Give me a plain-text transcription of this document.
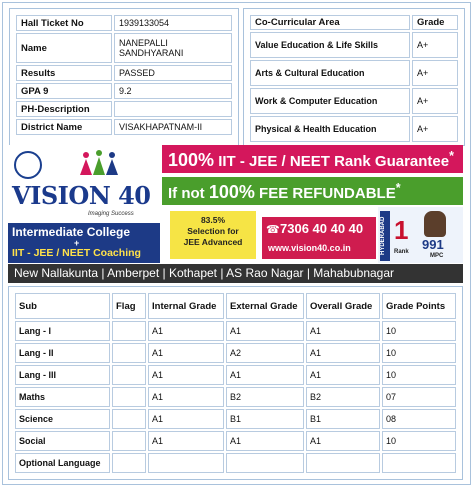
Hall Ticket No	1939133054
Name	NANEPALLI SANDHYARANI
Results	PASSED
GPA 9	9.2
PH-Description	
District Name	VISAKHAPATNAM-II
Co-Curricular Area	Grade
Value Education & Life Skills	A+
Arts & Cultural Education	A+
Work & Computer Education	A+
Physical & Health Education	A+
VISION 40
Imaging Success
Intermediate College
+
IIT - JEE / NEET Coaching
100% IIT - JEE / NEET Rank Guarantee*
If not 100% FEE REFUNDABLE*
83.5%
Selection for
JEE Advanced
☎ 7306 40 40 40
www.vision40.co.in	HYDERABAD 1
Rank 991
MPC
New Nallakunta | Amberpet | Kothapet | AS Rao Nagar | Mahabubnagar
Sub	Flag	Internal Grade	External Grade	Overall Grade	Grade Points
Lang - I		A1	A1	A1	10
Lang - II		A1	A2	A1	10
Lang - III		A1	A1	A1	10
Maths		A1	B2	B2	07
Science		A1	B1	B1	08
Social		A1	A1	A1	10
Optional Language					
